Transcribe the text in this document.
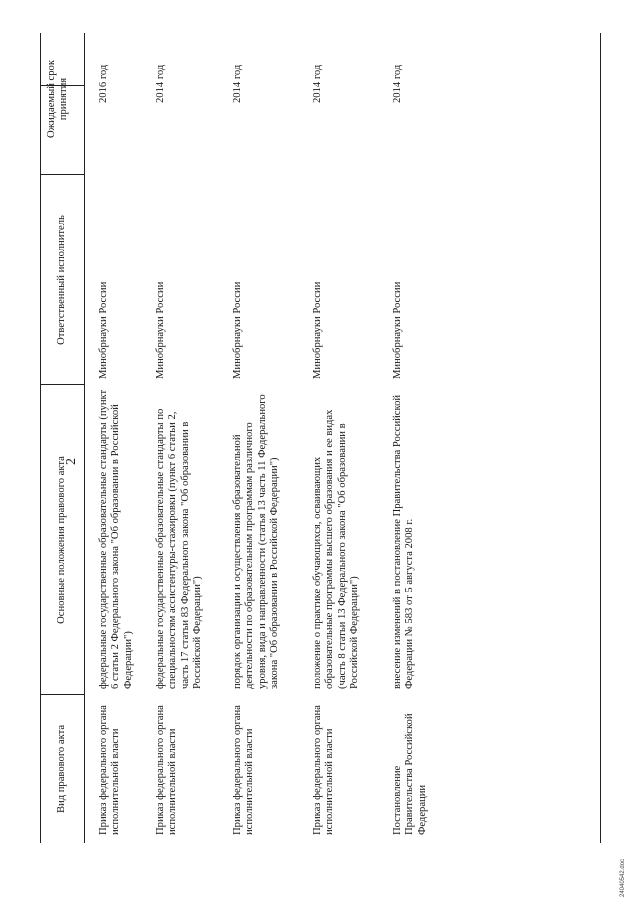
2
Вид правового акта
Основные положения правового акта
Ответственный исполнитель
Ожидаемый срок принятия
Приказ федерального органа исполнительной власти
федеральные государственные образовательные стандарты (пункт 6 статьи 2 Федерального закона "Об образовании в Российской Федерации")
Минобрнауки России
2016 год
Приказ федерального органа исполнительной власти
федеральные государственные образовательные стандарты по специальностям ассистентуры-стажировки (пункт 6 статьи 2, часть 17 статьи 83 Федерального закона "Об образовании в Российской Федерации")
Минобрнауки России
2014 год
Приказ федерального органа исполнительной власти
порядок организации и осуществления образовательной деятельности по образовательным программам различного уровня, вида и направленности (статья 13 часть 11 Федерального закона "Об образовании в Российской Федерации")
Минобрнауки России
2014 год
Приказ федерального органа исполнительной власти
положение о практике обучающихся, осваивающих образовательные программы высшего образования и ее видах (часть 8 статьи 13 Федерального закона "Об образовании в Российской Федерации")
Минобрнауки России
2014 год
Постановление Правительства Российской Федерации
внесение изменений в постановление Правительства Российской Федерации № 583 от 5 августа 2008 г.
Минобрнауки России
2014 год
24040542.doc
